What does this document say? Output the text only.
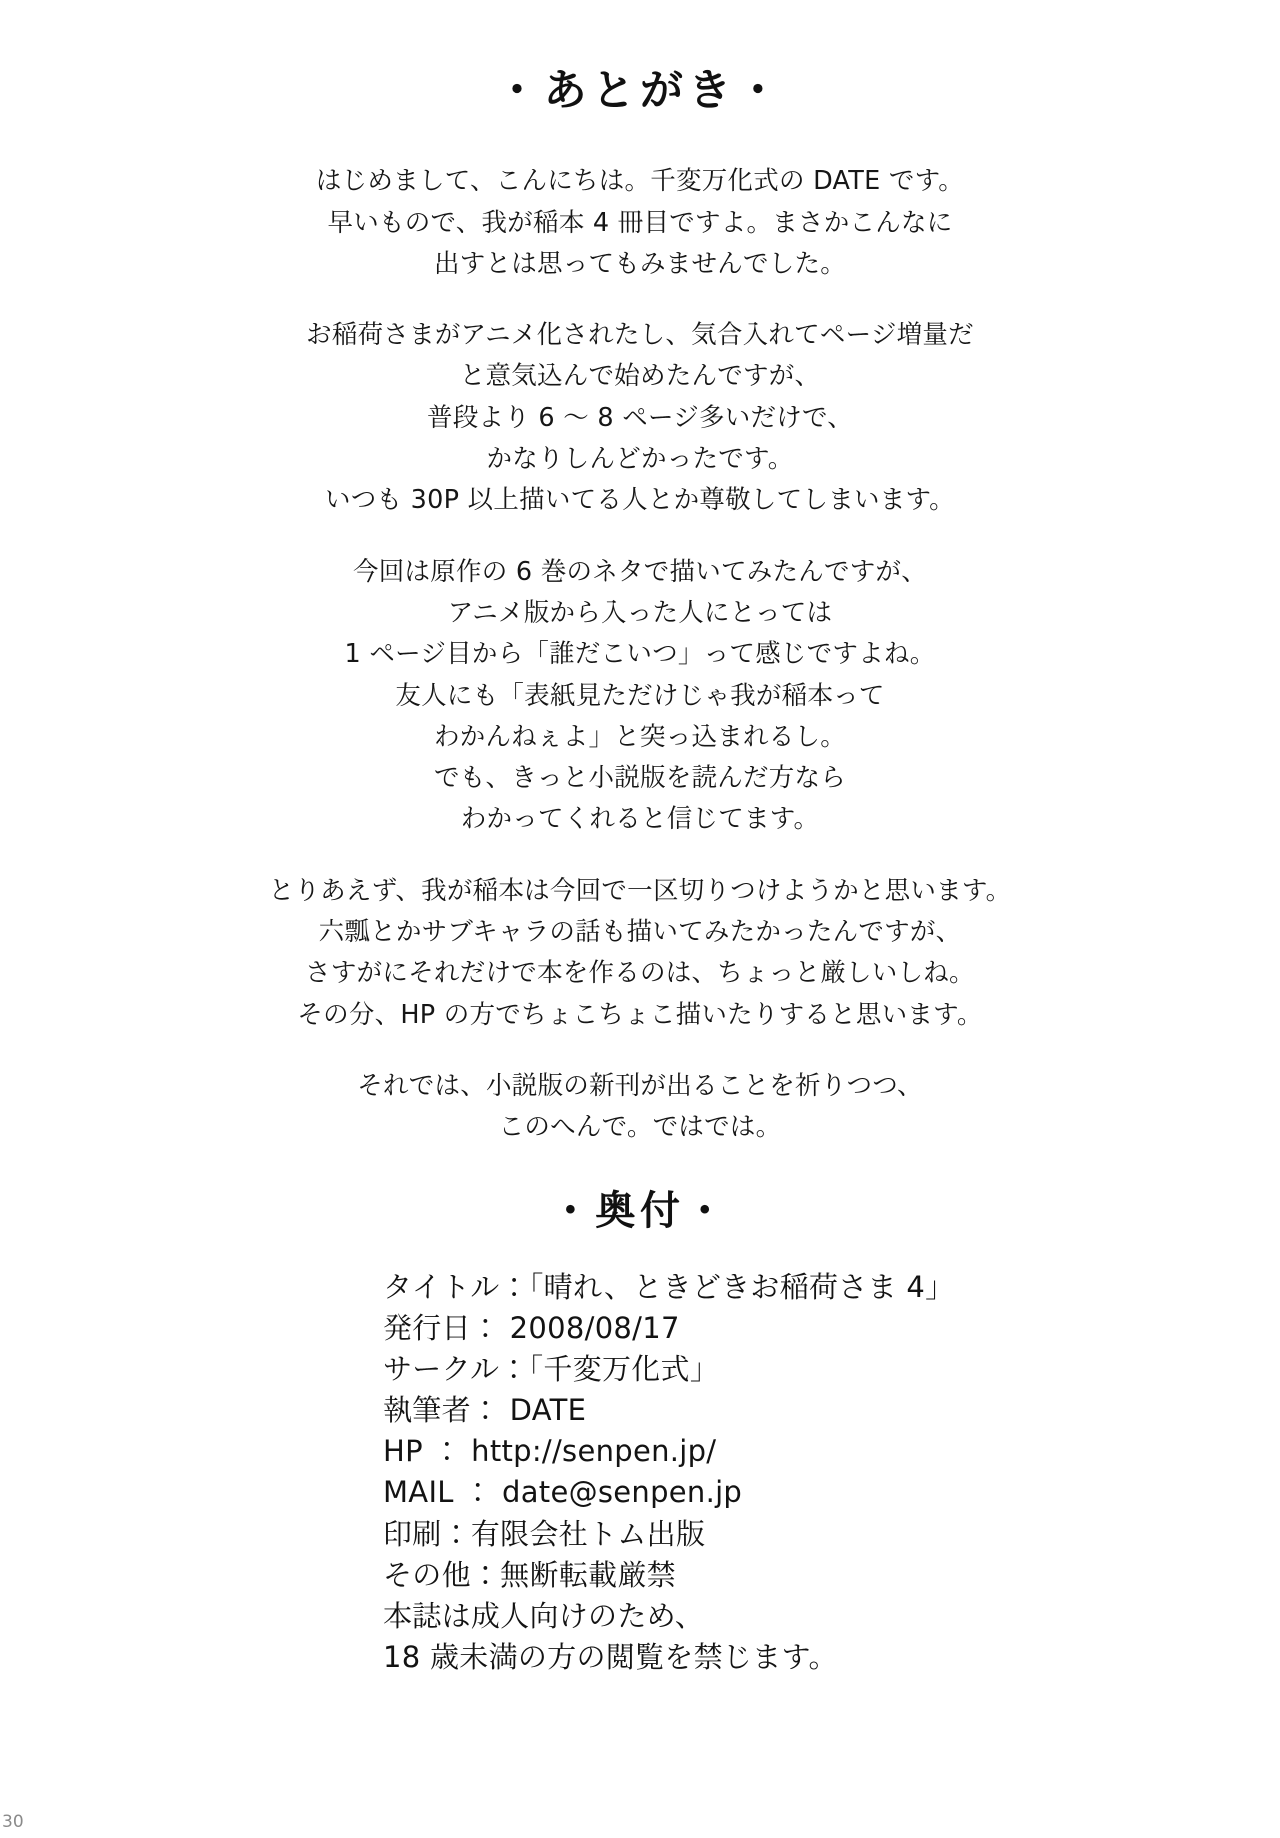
・あとがき・
はじめまして、こんにちは。千変万化式の DATE です。
早いもので、我が稲本 4 冊目ですよ。まさかこんなに
出すとは思ってもみませんでした。
お稲荷さまがアニメ化されたし、気合入れてページ増量だ
と意気込んで始めたんですが、
普段より 6 ～ 8 ページ多いだけで、
かなりしんどかったです。
いつも 30P 以上描いてる人とか尊敬してしまいます。
今回は原作の 6 巻のネタで描いてみたんですが、
アニメ版から入った人にとっては
1 ページ目から「誰だこいつ」って感じですよね。
友人にも「表紙見ただけじゃ我が稲本って
わかんねぇよ」と突っ込まれるし。
でも、きっと小説版を読んだ方なら
わかってくれると信じてます。
とりあえず、我が稲本は今回で一区切りつけようかと思います。
六瓢とかサブキャラの話も描いてみたかったんですが、
さすがにそれだけで本を作るのは、ちょっと厳しいしね。
その分、HP の方でちょこちょこ描いたりすると思います。
それでは、小説版の新刊が出ることを祈りつつ、
このへんで。ではでは。
・奥付・
タイトル：「晴れ、ときどきお稲荷さま 4」
発行日： 2008/08/17
サークル：「千変万化式」
執筆者： DATE
HP ： http://senpen.jp/
MAIL ： date@senpen.jp
印刷：有限会社トム出版
その他：無断転載厳禁
本誌は成人向けのため、
18 歳未満の方の閲覧を禁じます。
30
